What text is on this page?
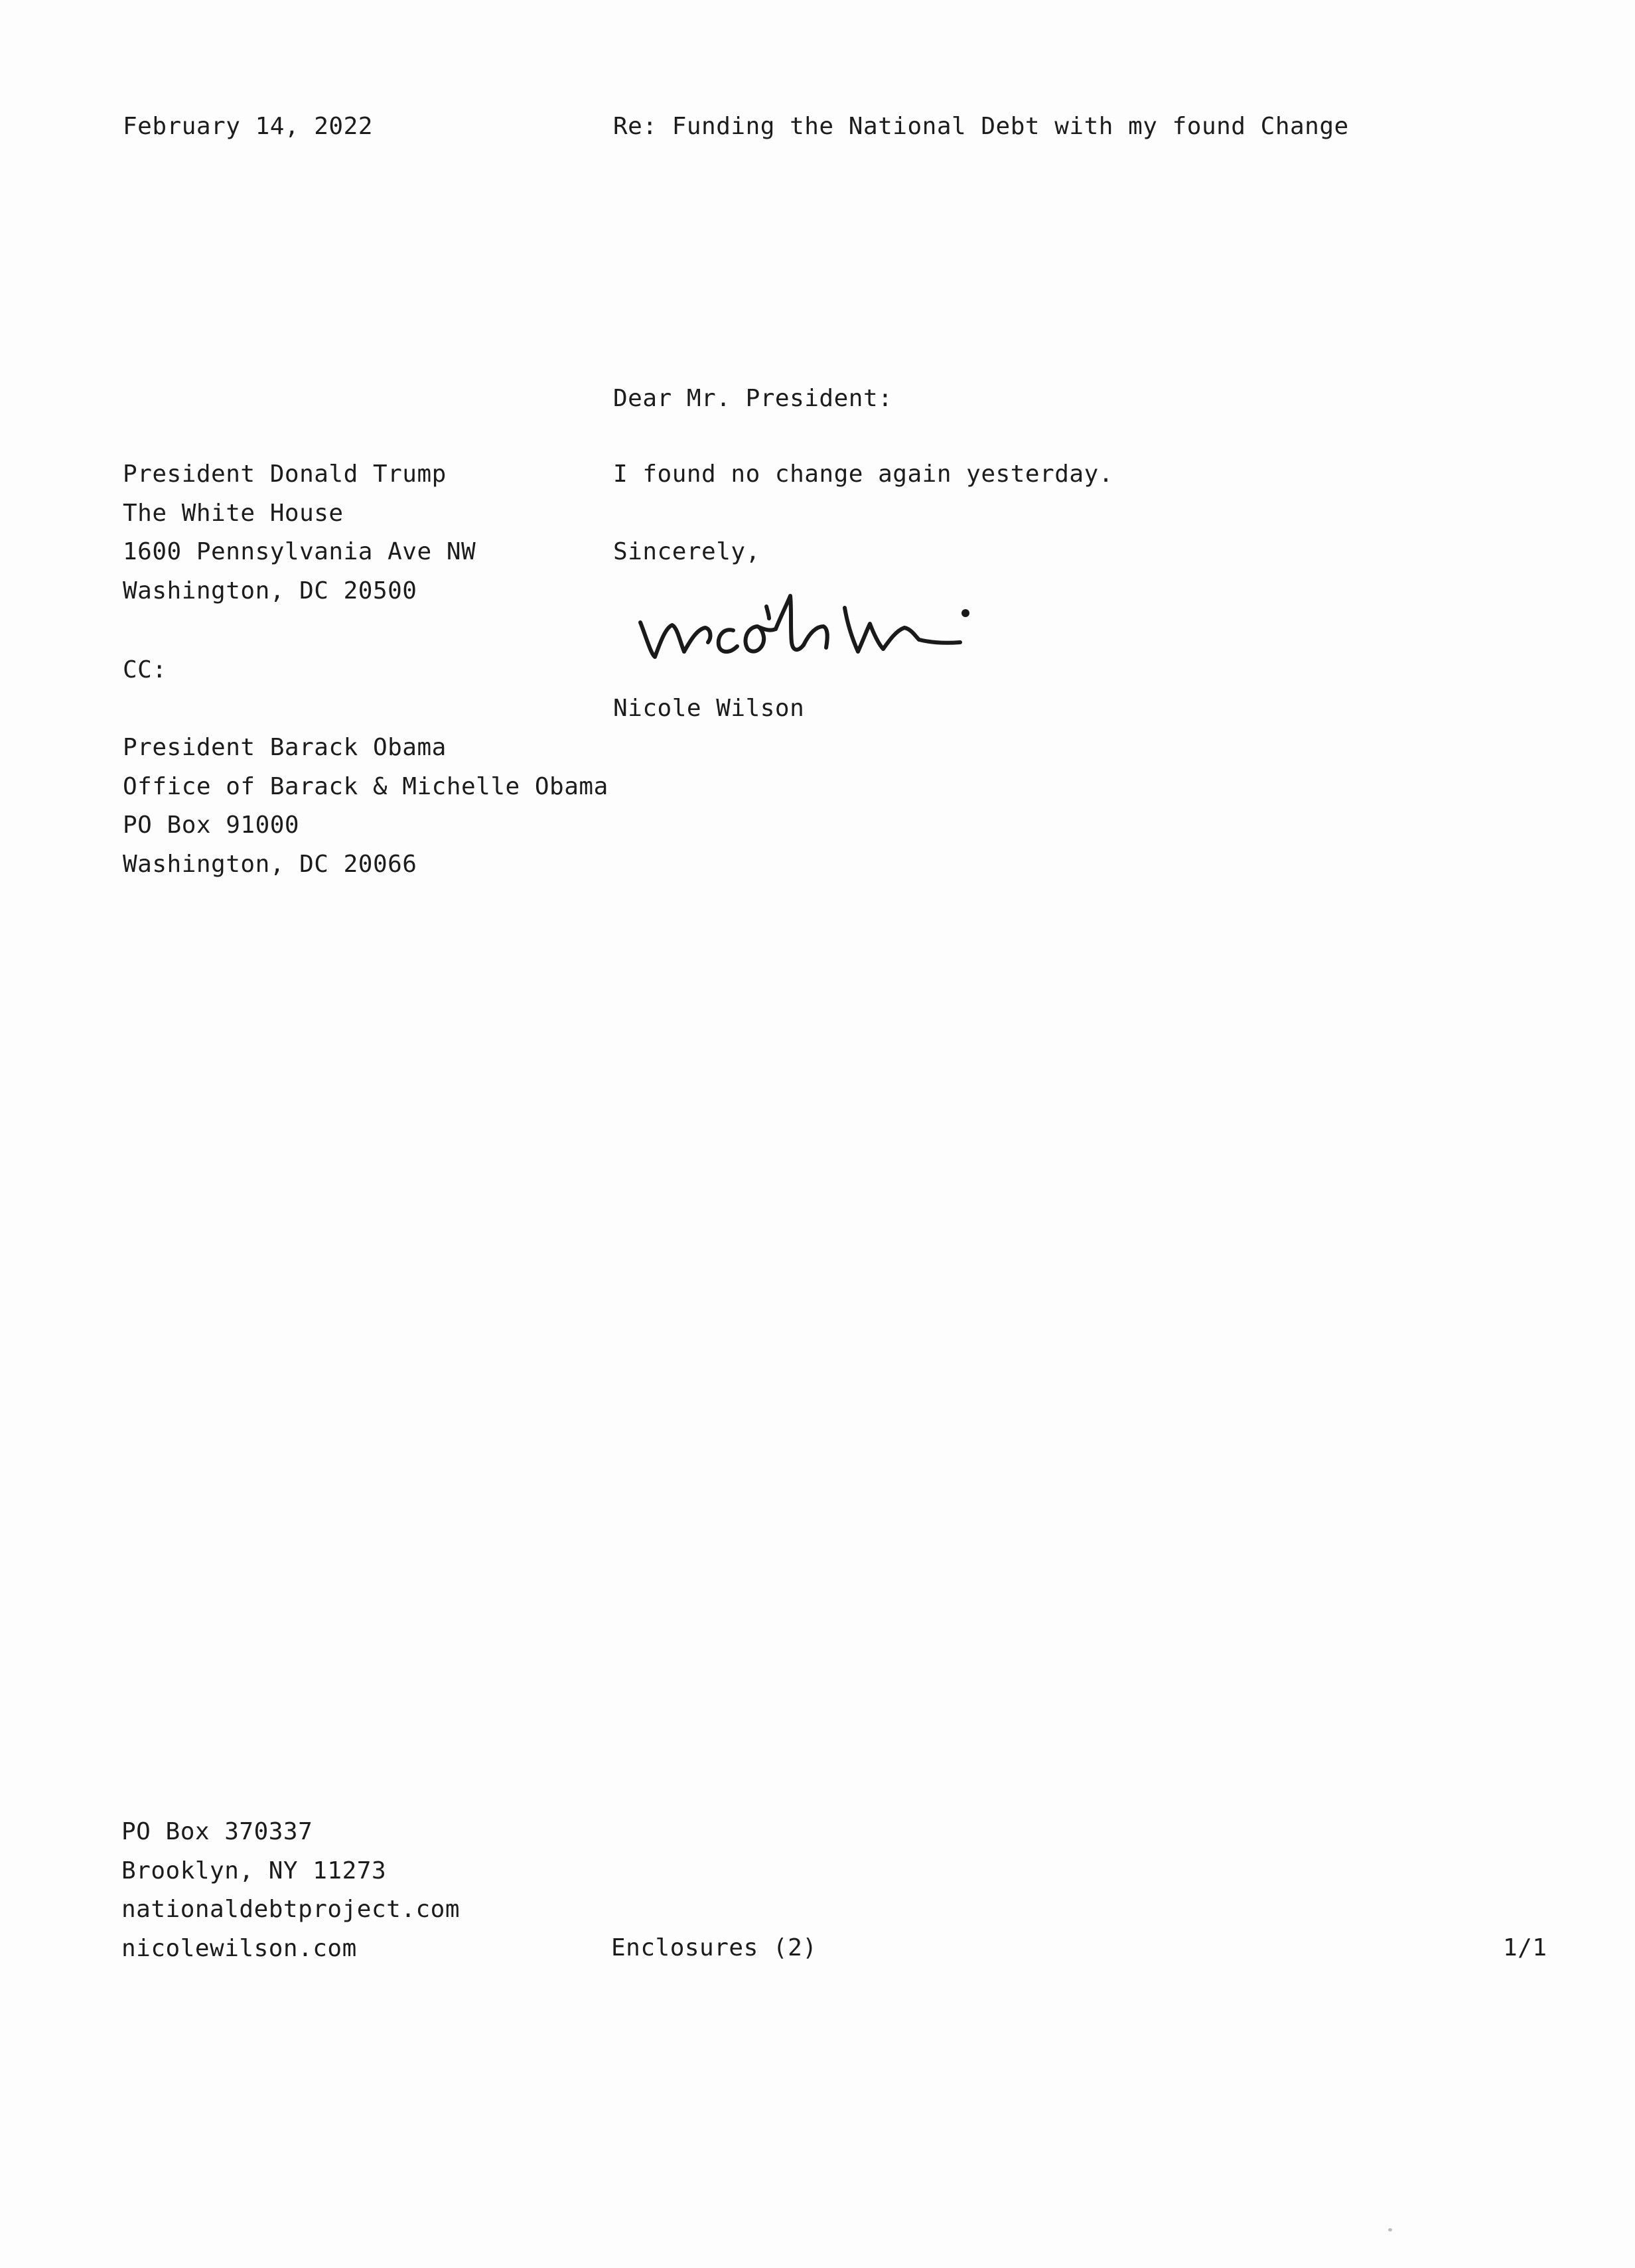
February 14, 2022	Re: Funding the National Debt with my found Change
Dear Mr. President:
President Donald Trump
The White House
1600 Pennsylvania Ave NW
Washington, DC 20500
I found no change again yesterday.
Sincerely,
CC:
Nicole Wilson
President Barack Obama
Office of Barack & Michelle Obama
PO Box 91000
Washington, DC 20066
PO Box 370337
Brooklyn, NY 11273
nationaldebtproject.com
nicolewilson.com	Enclosures (2)	1/1
